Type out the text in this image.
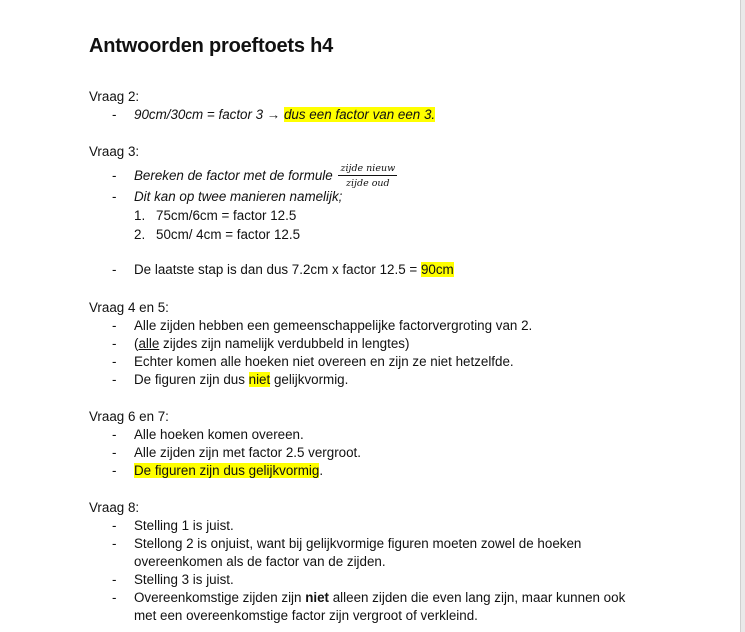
Antwoorden proeftoets h4
Vraag 2:
- 90cm/30cm = factor 3 → dus een factor van een 3.
Vraag 3:
- Bereken de factor met de formule $\frac{\text{zijde nieuw}}{\text{zijde oud}}$
- Dit kan op twee manieren namelijk;
1. 75cm/6cm = factor 12.5
2. 50cm/ 4cm = factor 12.5
- De laatste stap is dan dus 7.2cm x factor 12.5 = 90cm
Vraag 4 en 5:
- Alle zijden hebben een gemeenschappelijke factorvergroting van 2.
- (alle zijdes zijn namelijk verdubbeld in lengtes)
- Echter komen alle hoeken niet overeen en zijn ze niet hetzelfde.
- De figuren zijn dus niet gelijkvormig.
Vraag 6 en 7:
- Alle hoeken komen overeen.
- Alle zijden zijn met factor 2.5 vergroot.
- De figuren zijn dus gelijkvormig.
Vraag 8:
- Stelling 1 is juist.
- Stellong 2 is onjuist, want bij gelijkvormige figuren moeten zowel de hoeken
overeenkomen als de factor van de zijden.
- Stelling 3 is juist.
- Overeenkomstige zijden zijn niet alleen zijden die even lang zijn, maar kunnen ook
met een overeenkomstige factor zijn vergroot of verkleind.
